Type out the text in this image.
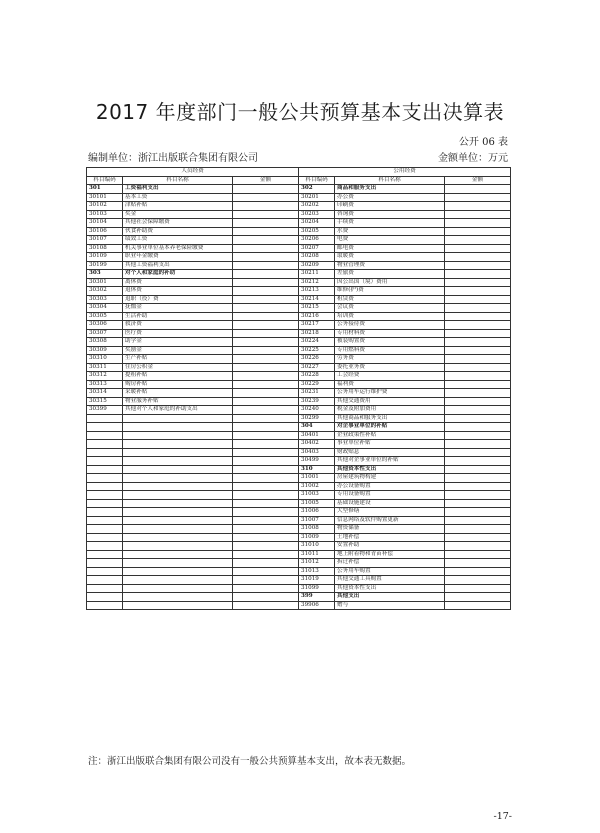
2017 年度部门一般公共预算基本支出决算表
公开 06 表
编制单位：浙江出版联合集团有限公司	金额单位：万元
人员经费			公用经费		
科目编码	科目名称	金额	科目编码	科目名称	金额
301	工资福利支出		302	商品和服务支出	
30101	基本工资		30201	办公费	
30102	津贴补贴		30202	印刷费	
30103	奖金		30203	咨询费	
30104	其他社会保障缴费		30204	手续费	
30106	伙食补助费		30205	水费	
30107	绩效工资		30206	电费	
30108	机关事业单位基本养老保险缴费		30207	邮电费	
30109	职业年金缴费		30208	取暖费	
30199	其他工资福利支出		30209	物业管理费	
303	对个人和家庭的补助		30211	差旅费	
30301	离休费		30212	因公出国（境）费用	
30302	退休费		30213	维修(护)费	
30303	退职（役）费		30214	租赁费	
30304	抚恤金		30215	会议费	
30305	生活补助		30216	培训费	
30306	救济费		30217	公务接待费	
30307	医疗费		30218	专用材料费	
30308	助学金		30224	被装购置费	
30309	奖励金		30225	专用燃料费	
30310	生产补贴		30226	劳务费	
30311	住房公积金		30227	委托业务费	
30312	提租补贴		30228	工会经费	
30313	购房补贴		30229	福利费	
30314	采暖补贴		30231	公务用车运行维护费	
30315	物业服务补贴		30239	其他交通费用	
30399	其他对个人和家庭的补助支出		30240	税金及附加费用	
			30299	其他商品和服务支出	
			304	对企事业单位的补贴	
			30401	企业政策性补贴	
			30402	事业单位补贴	
			30403	财政贴息	
			30499	其他对企事业单位的补贴	
			310	其他资本性支出	
			31001	房屋建筑物构建	
			31002	办公设备购置	
			31003	专用设备购置	
			31005	基础设施建设	
			31006	大型修缮	
			31007	信息网络及软件购置更新	
			31008	物资储备	
			31009	土地补偿	
			31010	安置补助	
			31011	地上附着物和青苗补偿	
			31012	拆迁补偿	
			31013	公务用车购置	
			31019	其他交通工具购置	
			31099	其他资本性支出	
			399	其他支出	
			39906	赠与	
注：浙江出版联合集团有限公司没有一般公共预算基本支出，故本表无数据。
-17-
